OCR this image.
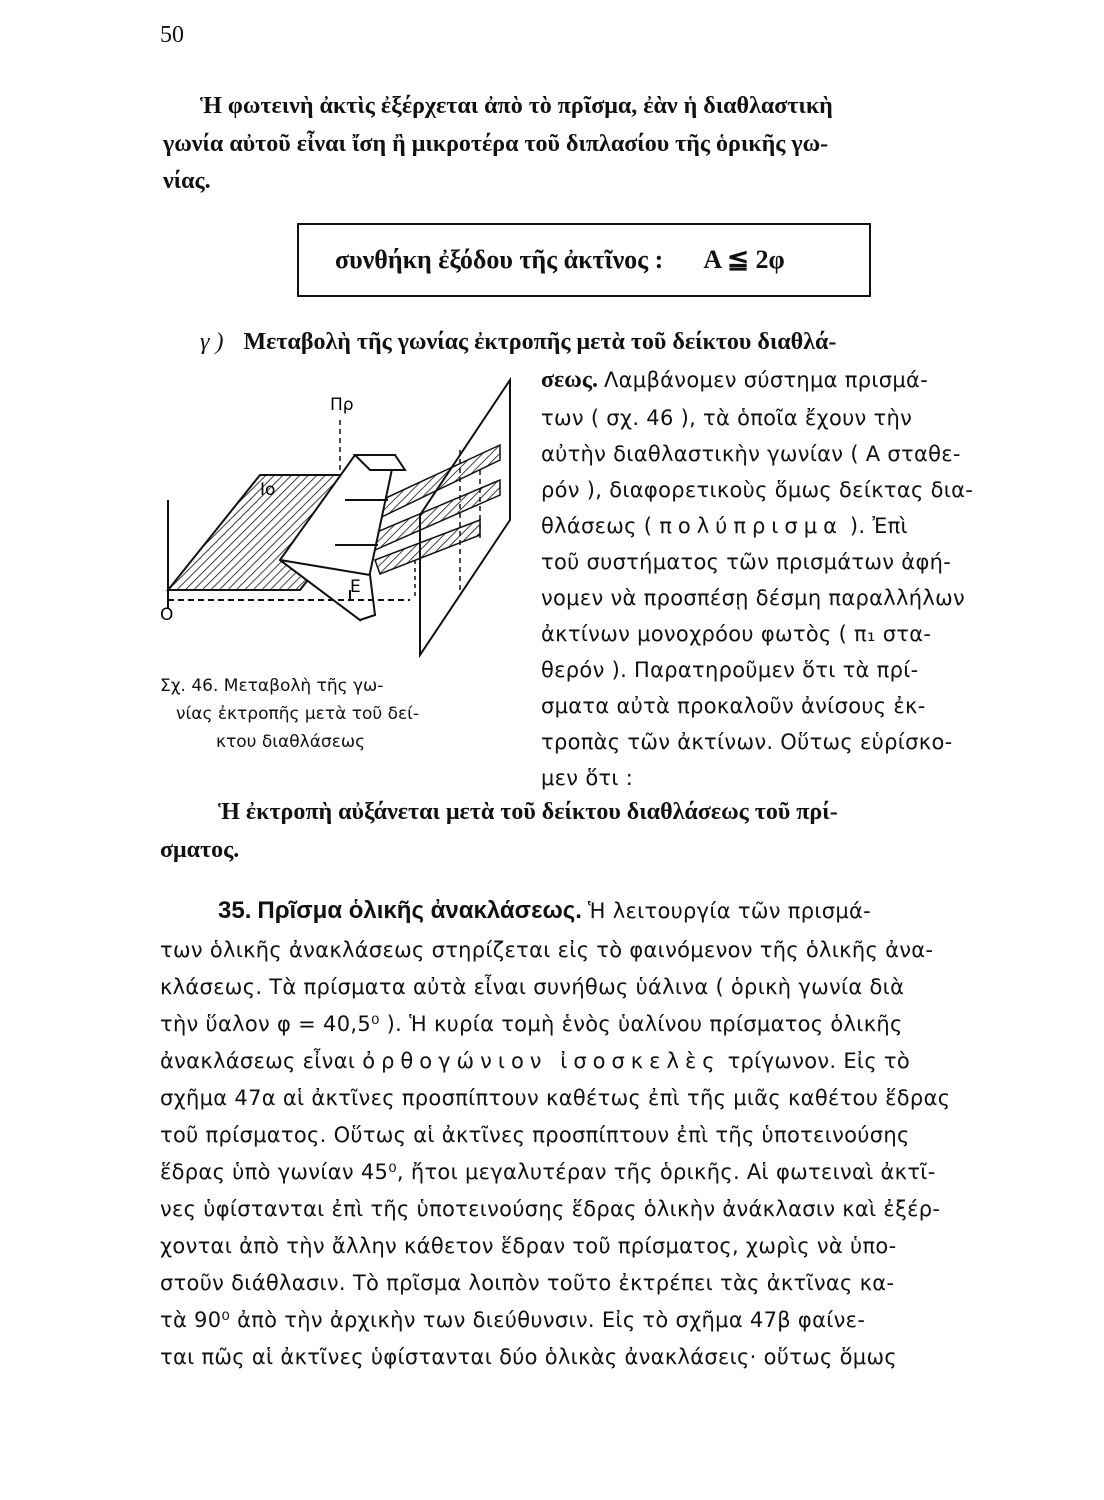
50
Ἡ φωτεινὴ ἀκτὶς ἐξέρχεται ἀπὸ τὸ πρῖσμα, ἐὰν ἡ διαθλαστικὴ
γωνία αὐτοῦ εἶναι ἴση ἢ μικροτέρα τοῦ διπλασίου τῆς ὁρικῆς γω-
νίας.
συνθήκη ἐξόδου τῆς ἀκτῖνος : A ≦ 2φ
γ ) Μεταβολὴ τῆς γωνίας ἐκτροπῆς μετὰ τοῦ δείκτου διαθλά-
σεως. Λαμβάνομεν σύστημα πρισμά-
των ( σχ. 46 ), τὰ ὁποῖα ἔχουν τὴν
αὐτὴν διαθλαστικὴν γωνίαν ( Α σταθε-
ρόν ), διαφορετικοὺς ὅμως δείκτας δια-
θλάσεως ( πολύπρισμα ). Ἐπὶ
τοῦ συστήματος τῶν πρισμάτων ἀφή-
νομεν νὰ προσπέσῃ δέσμη παραλλήλων
ἀκτίνων μονοχρόου φωτὸς ( π₁ στα-
θερόν ). Παρατηροῦμεν ὅτι τὰ πρί-
σματα αὐτὰ προκαλοῦν ἀνίσους ἐκ-
τροπὰς τῶν ἀκτίνων. Οὕτως εὑρίσκο-
μεν ὅτι :
Πρ
Ιο
Ε
Ο
Σχ. 46. Μεταβολὴ τῆς γω-
νίας ἐκτροπῆς μετὰ τοῦ δεί-
κτου διαθλάσεως
Ἡ ἐκτροπὴ αὐξάνεται μετὰ τοῦ δείκτου διαθλάσεως τοῦ πρί-
σματος.
35. Πρῖσμα ὁλικῆς ἀνακλάσεως. Ἡ λειτουργία τῶν πρισμά-
των ὁλικῆς ἀνακλάσεως στηρίζεται εἰς τὸ φαινόμενον τῆς ὁλικῆς ἀνα-
κλάσεως. Τὰ πρίσματα αὐτὰ εἶναι συνήθως ὑάλινα ( ὁρικὴ γωνία διὰ
τὴν ὕαλον φ = 40,5⁰ ). Ἡ κυρία τομὴ ἑνὸς ὑαλίνου πρίσματος ὁλικῆς
ἀνακλάσεως εἶναι ὀρθογώνιον ἰσοσκελὲς τρίγωνον. Εἰς τὸ
σχῆμα 47α αἱ ἀκτῖνες προσπίπτουν καθέτως ἐπὶ τῆς μιᾶς καθέτου ἕδρας
τοῦ πρίσματος. Οὕτως αἱ ἀκτῖνες προσπίπτουν ἐπὶ τῆς ὑποτεινούσης
ἕδρας ὑπὸ γωνίαν 45⁰, ἤτοι μεγαλυτέραν τῆς ὁρικῆς. Αἱ φωτειναὶ ἀκτῖ-
νες ὑφίστανται ἐπὶ τῆς ὑποτεινούσης ἕδρας ὁλικὴν ἀνάκλασιν καὶ ἐξέρ-
χονται ἀπὸ τὴν ἄλλην κάθετον ἕδραν τοῦ πρίσματος, χωρὶς νὰ ὑπο-
στοῦν διάθλασιν. Τὸ πρῖσμα λοιπὸν τοῦτο ἐκτρέπει τὰς ἀκτῖνας κα-
τὰ 90⁰ ἀπὸ τὴν ἀρχικὴν των διεύθυνσιν. Εἰς τὸ σχῆμα 47β φαίνε-
ται πῶς αἱ ἀκτῖνες ὑφίστανται δύο ὁλικὰς ἀνακλάσεις· οὕτως ὅμως
